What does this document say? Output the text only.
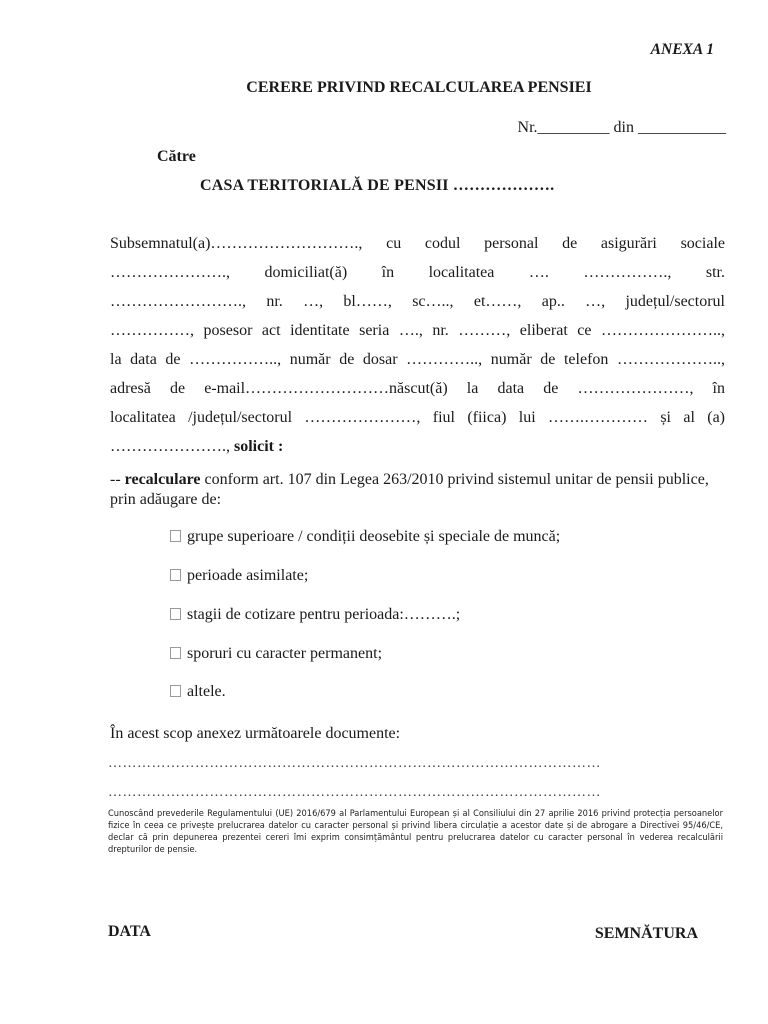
ANEXA 1
CERERE PRIVIND RECALCULAREA PENSIEI
Nr._________ din ___________
Către
CASA TERITORIALĂ DE PENSII ……………….
Subsemnatul(a)………………………., cu codul personal de asigurări sociale
…………………., domiciliat(ă) în localitatea …. ……………., str.
……………………., nr. …, bl……, sc….., et……, ap.. …, județul/sectorul
……………, posesor act identitate seria …., nr. ………, eliberat ce …………………..,
la data de …………….., număr de dosar ………….., număr de telefon ………………..,
adresă de e-mail………………………născut(ă) la data de …………………, în
localitatea /județul/sectorul …………………, fiul (fiica) lui …….………… și al (a)
…………………., solicit :
-- recalculare conform art. 107 din Legea 263/2010 privind sistemul unitar de pensii publice, prin adăugare de:
grupe superioare / condiții deosebite și speciale de muncă;
perioade asimilate;
stagii de cotizare pentru perioada:……….;
sporuri cu caracter permanent;
altele.
În acest scop anexez următoarele documente:
…………………………………………………………………………………………
…………………………………………………………………………………………
Cunoscând prevederile Regulamentului (UE) 2016/679 al Parlamentului European și al Consiliului din 27 aprilie 2016 privind protecția persoanelor fizice în ceea ce privește prelucrarea datelor cu caracter personal și privind libera circulație a acestor date și de abrogare a Directivei 95/46/CE, declar că prin depunerea prezentei cereri îmi exprim consimțământul pentru prelucrarea datelor cu caracter personal în vederea recalculării drepturilor de pensie.
DATA	SEMNĂTURA
